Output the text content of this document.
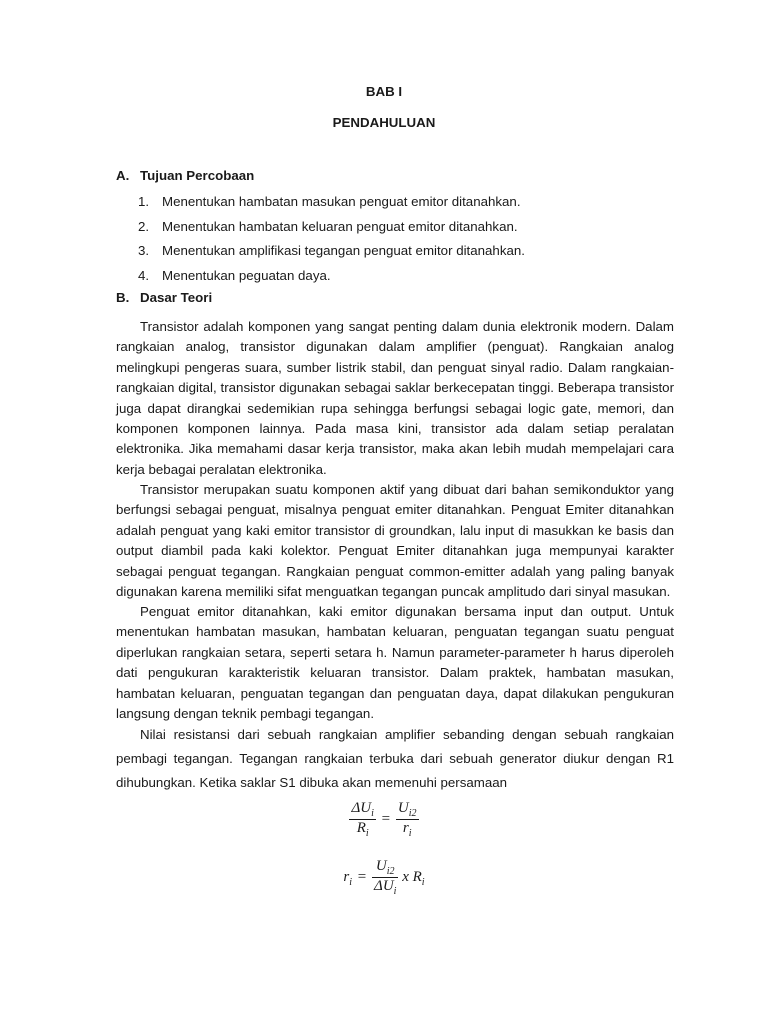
BAB I
PENDAHULUAN
A. Tujuan Percobaan
1. Menentukan hambatan masukan penguat emitor ditanahkan.
2. Menentukan hambatan keluaran penguat emitor ditanahkan.
3. Menentukan amplifikasi tegangan penguat emitor ditanahkan.
4. Menentukan peguatan daya.
B. Dasar Teori

Transistor adalah komponen yang sangat penting dalam dunia elektronik modern. Dalam rangkaian analog, transistor digunakan dalam amplifier (penguat). Rangkaian analog melingkupi pengeras suara, sumber listrik stabil, dan penguat sinyal radio. Dalam rangkaian-rangkaian digital, transistor digunakan sebagai saklar berkecepatan tinggi. Beberapa transistor juga dapat dirangkai sedemikian rupa sehingga berfungsi sebagai logic gate, memori, dan komponen komponen lainnya. Pada masa kini, transistor ada dalam setiap peralatan elektronika. Jika memahami dasar kerja transistor, maka akan lebih mudah mempelajari cara kerja bebagai peralatan elektronika.

Transistor merupakan suatu komponen aktif yang dibuat dari bahan semikonduktor yang berfungsi sebagai penguat, misalnya penguat emiter ditanahkan. Penguat Emiter ditanahkan adalah penguat yang kaki emitor transistor di groundkan, lalu input di masukkan ke basis dan output diambil pada kaki kolektor. Penguat Emiter ditanahkan juga mempunyai karakter sebagai penguat tegangan. Rangkaian penguat common-emitter adalah yang paling banyak digunakan karena memiliki sifat menguatkan tegangan puncak amplitudo dari sinyal masukan.

Penguat emitor ditanahkan, kaki emitor digunakan bersama input dan output. Untuk menentukan hambatan masukan, hambatan keluaran, penguatan tegangan suatu penguat diperlukan rangkaian setara, seperti setara h. Namun parameter-parameter h harus diperoleh dati pengukuran karakteristik keluaran transistor. Dalam praktek, hambatan masukan, hambatan keluaran, penguatan tegangan dan penguatan daya, dapat dilakukan pengukuran langsung dengan teknik pembagi tegangan.

Nilai resistansi dari sebuah rangkaian amplifier sebanding dengan sebuah rangkaian pembagi tegangan. Tegangan rangkaian terbuka dari sebuah generator diukur dengan R1 dihubungkan. Ketika saklar S1 dibuka akan memenuhi persamaan

$\frac{\Delta U_i}{R_i} = \frac{U_{i2}}{r_i}$
$r_i = \frac{U_{i2}}{\Delta U_i}$ x $R_i$
